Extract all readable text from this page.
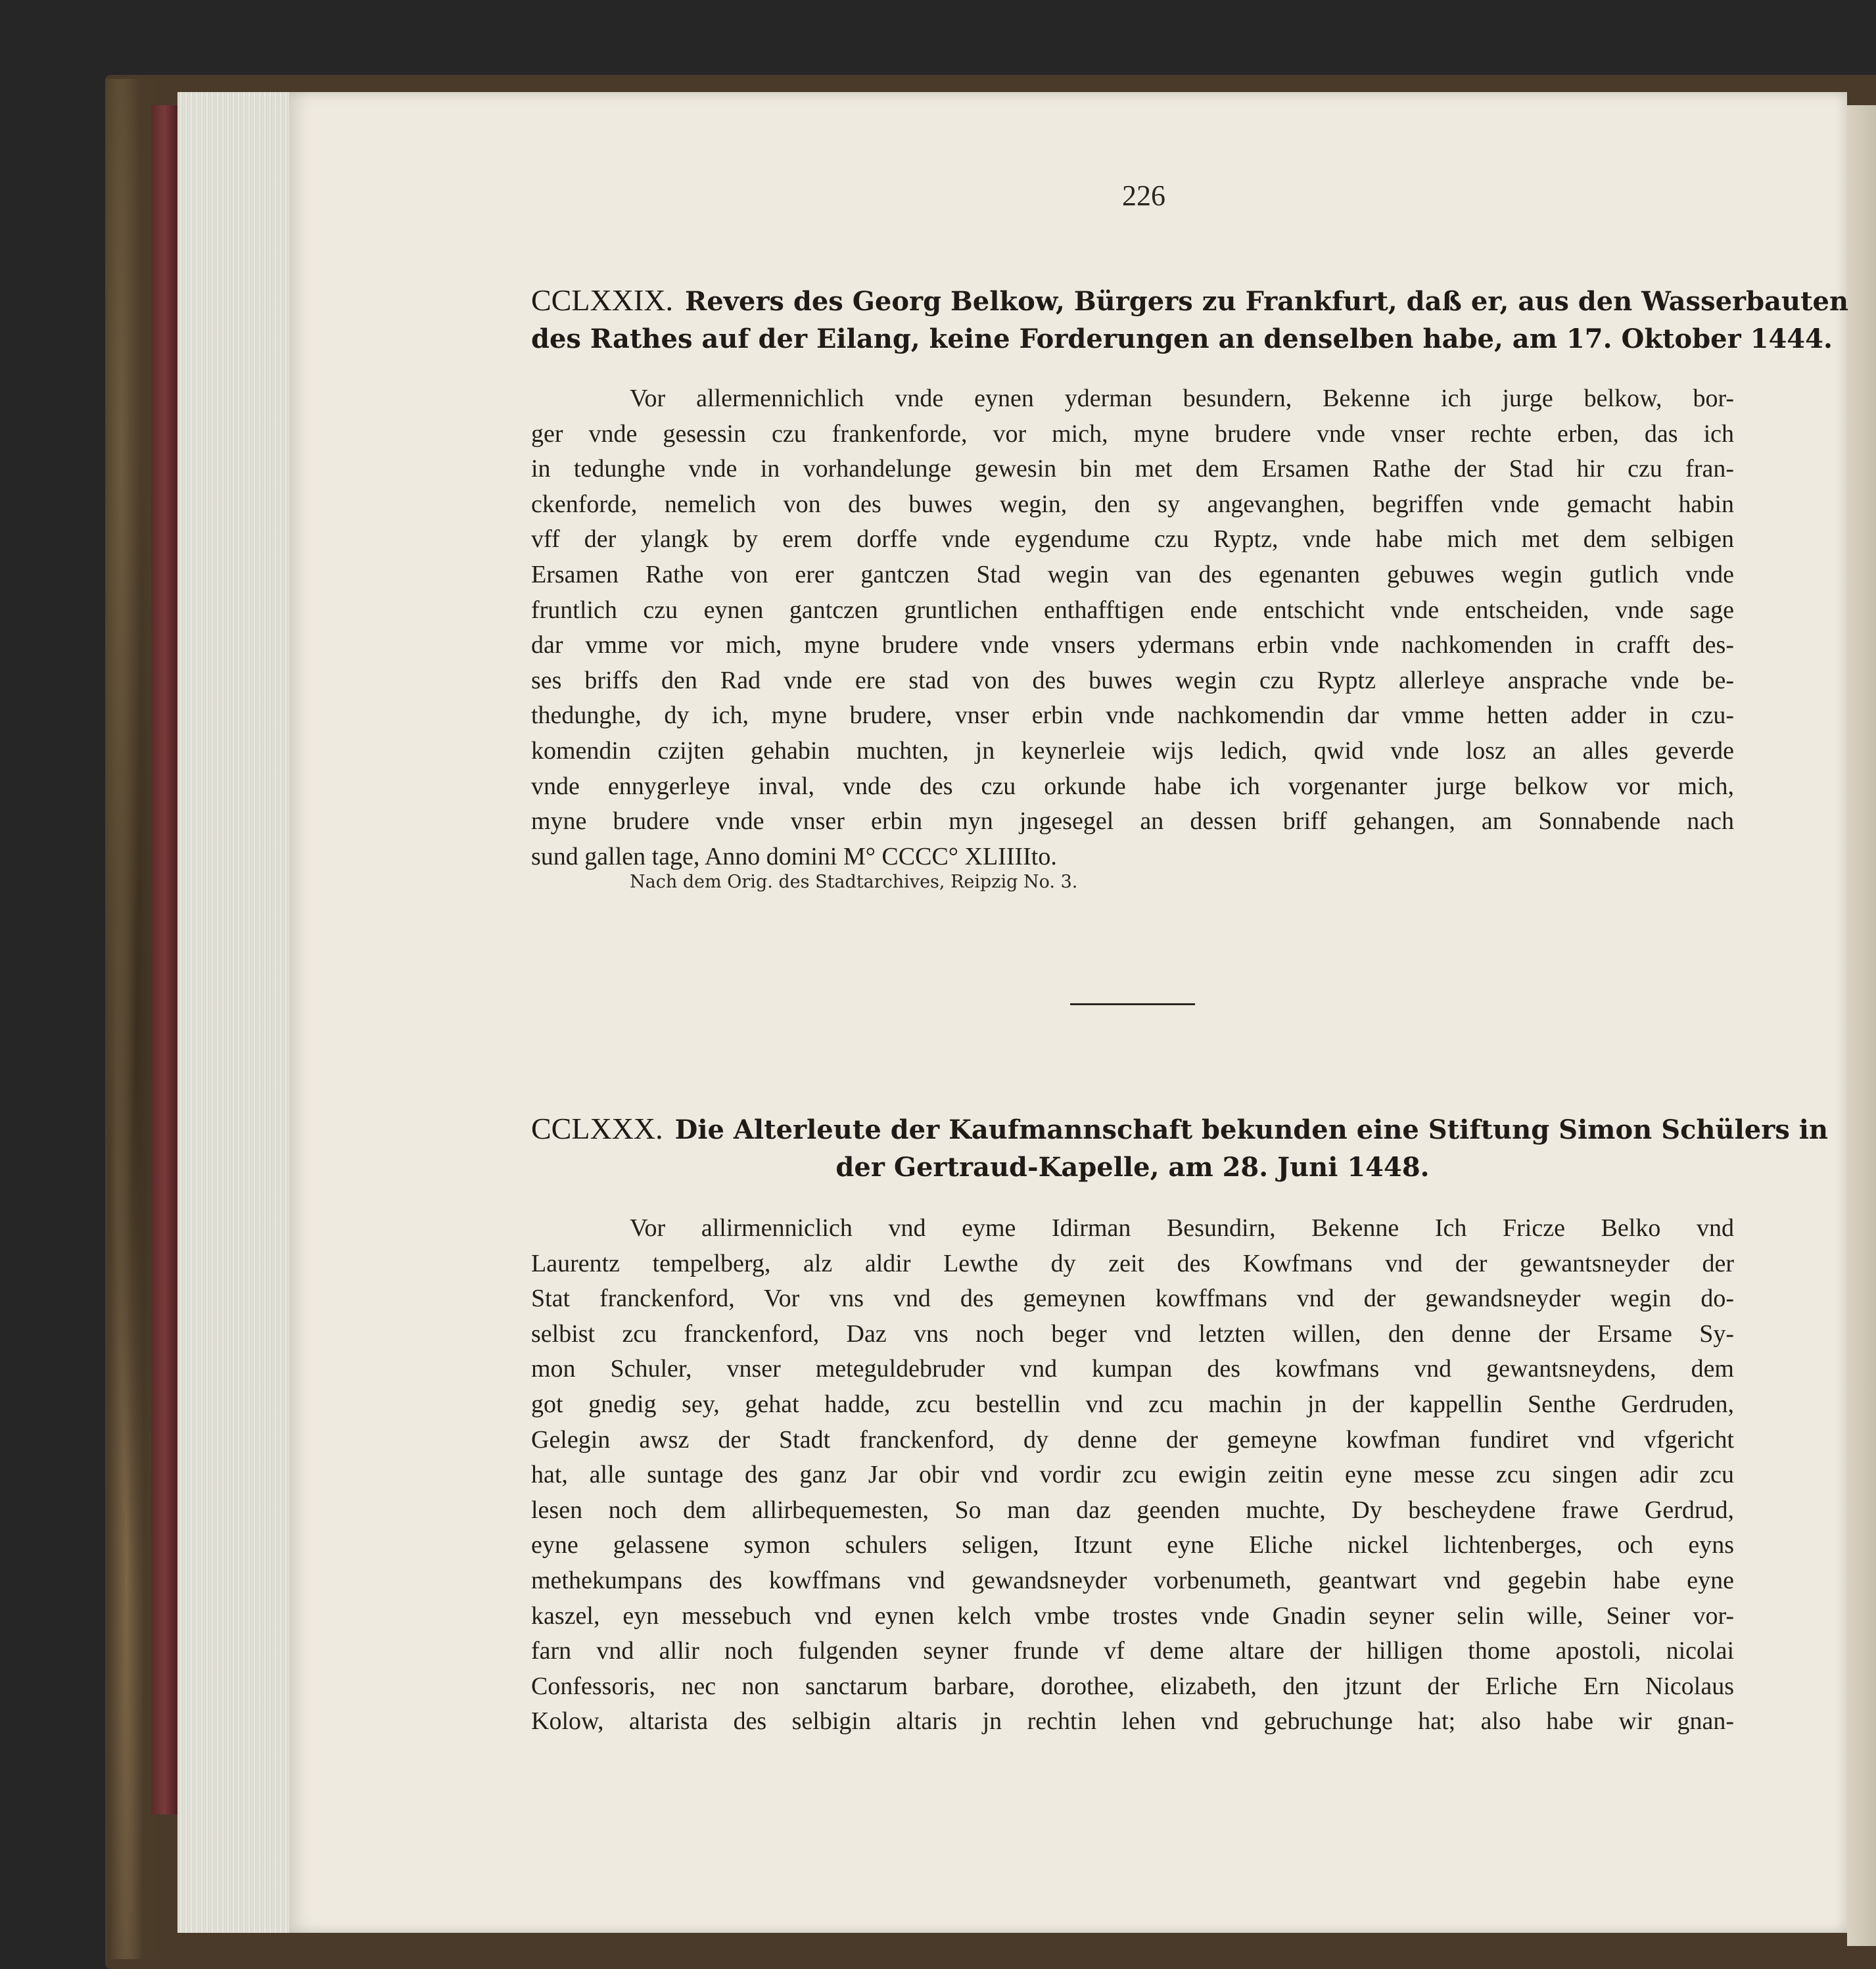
226
CCLXXIX. Revers des Georg Belkow, Bürgers zu Frankfurt, daß er, aus den Wasserbauten
des Rathes auf der Eilang, keine Forderungen an denselben habe, am 17. Oktober 1444.
Vor allermennichlich vnde eynen yderman besundern, Bekenne ich jurge belkow, bor-
ger vnde gesessin czu frankenforde, vor mich, myne brudere vnde vnser rechte erben, das ich
in tedunghe vnde in vorhandelunge gewesin bin met dem Ersamen Rathe der Stad hir czu fran-
ckenforde, nemelich von des buwes wegin, den sy angevanghen, begriffen vnde gemacht habin
vff der ylangk by erem dorffe vnde eygendume czu Ryptz, vnde habe mich met dem selbigen
Ersamen Rathe von erer gantczen Stad wegin van des egenanten gebuwes wegin gutlich vnde
fruntlich czu eynen gantczen gruntlichen enthafftigen ende entschicht vnde entscheiden, vnde sage
dar vmme vor mich, myne brudere vnde vnsers ydermans erbin vnde nachkomenden in crafft des-
ses briffs den Rad vnde ere stad von des buwes wegin czu Ryptz allerleye ansprache vnde be-
thedunghe, dy ich, myne brudere, vnser erbin vnde nachkomendin dar vmme hetten adder in czu-
komendin czijten gehabin muchten, jn keynerleie wijs ledich, qwid vnde losz an alles geverde
vnde ennygerleye inval, vnde des czu orkunde habe ich vorgenanter jurge belkow vor mich,
myne brudere vnde vnser erbin myn jngesegel an dessen briff gehangen, am Sonnabende nach
sund gallen tage, Anno domini M° CCCC° XLIIIIto.
Nach dem Orig. des Stadtarchives, Reipzig No. 3.
CCLXXX. Die Alterleute der Kaufmannschaft bekunden eine Stiftung Simon Schülers in
der Gertraud-Kapelle, am 28. Juni 1448.
Vor allirmenniclich vnd eyme Idirman Besundirn, Bekenne Ich Fricze Belko vnd
Laurentz tempelberg, alz aldir Lewthe dy zeit des Kowfmans vnd der gewantsneyder der
Stat franckenford, Vor vns vnd des gemeynen kowffmans vnd der gewandsneyder wegin do-
selbist zcu franckenford, Daz vns noch beger vnd letzten willen, den denne der Ersame Sy-
mon Schuler, vnser meteguldebruder vnd kumpan des kowfmans vnd gewantsneydens, dem
got gnedig sey, gehat hadde, zcu bestellin vnd zcu machin jn der kappellin Senthe Gerdruden,
Gelegin awsz der Stadt franckenford, dy denne der gemeyne kowfman fundiret vnd vfgericht
hat, alle suntage des ganz Jar obir vnd vordir zcu ewigin zeitin eyne messe zcu singen adir zcu
lesen noch dem allirbequemesten, So man daz geenden muchte, Dy bescheydene frawe Gerdrud,
eyne gelassene symon schulers seligen, Itzunt eyne Eliche nickel lichtenberges, och eyns
methekumpans des kowffmans vnd gewandsneyder vorbenumeth, geantwart vnd gegebin habe eyne
kaszel, eyn messebuch vnd eynen kelch vmbe trostes vnde Gnadin seyner selin wille, Seiner vor-
farn vnd allir noch fulgenden seyner frunde vf deme altare der hilligen thome apostoli, nicolai
Confessoris, nec non sanctarum barbare, dorothee, elizabeth, den jtzunt der Erliche Ern Nicolaus
Kolow, altarista des selbigin altaris jn rechtin lehen vnd gebruchunge hat; also habe wir gnan-
